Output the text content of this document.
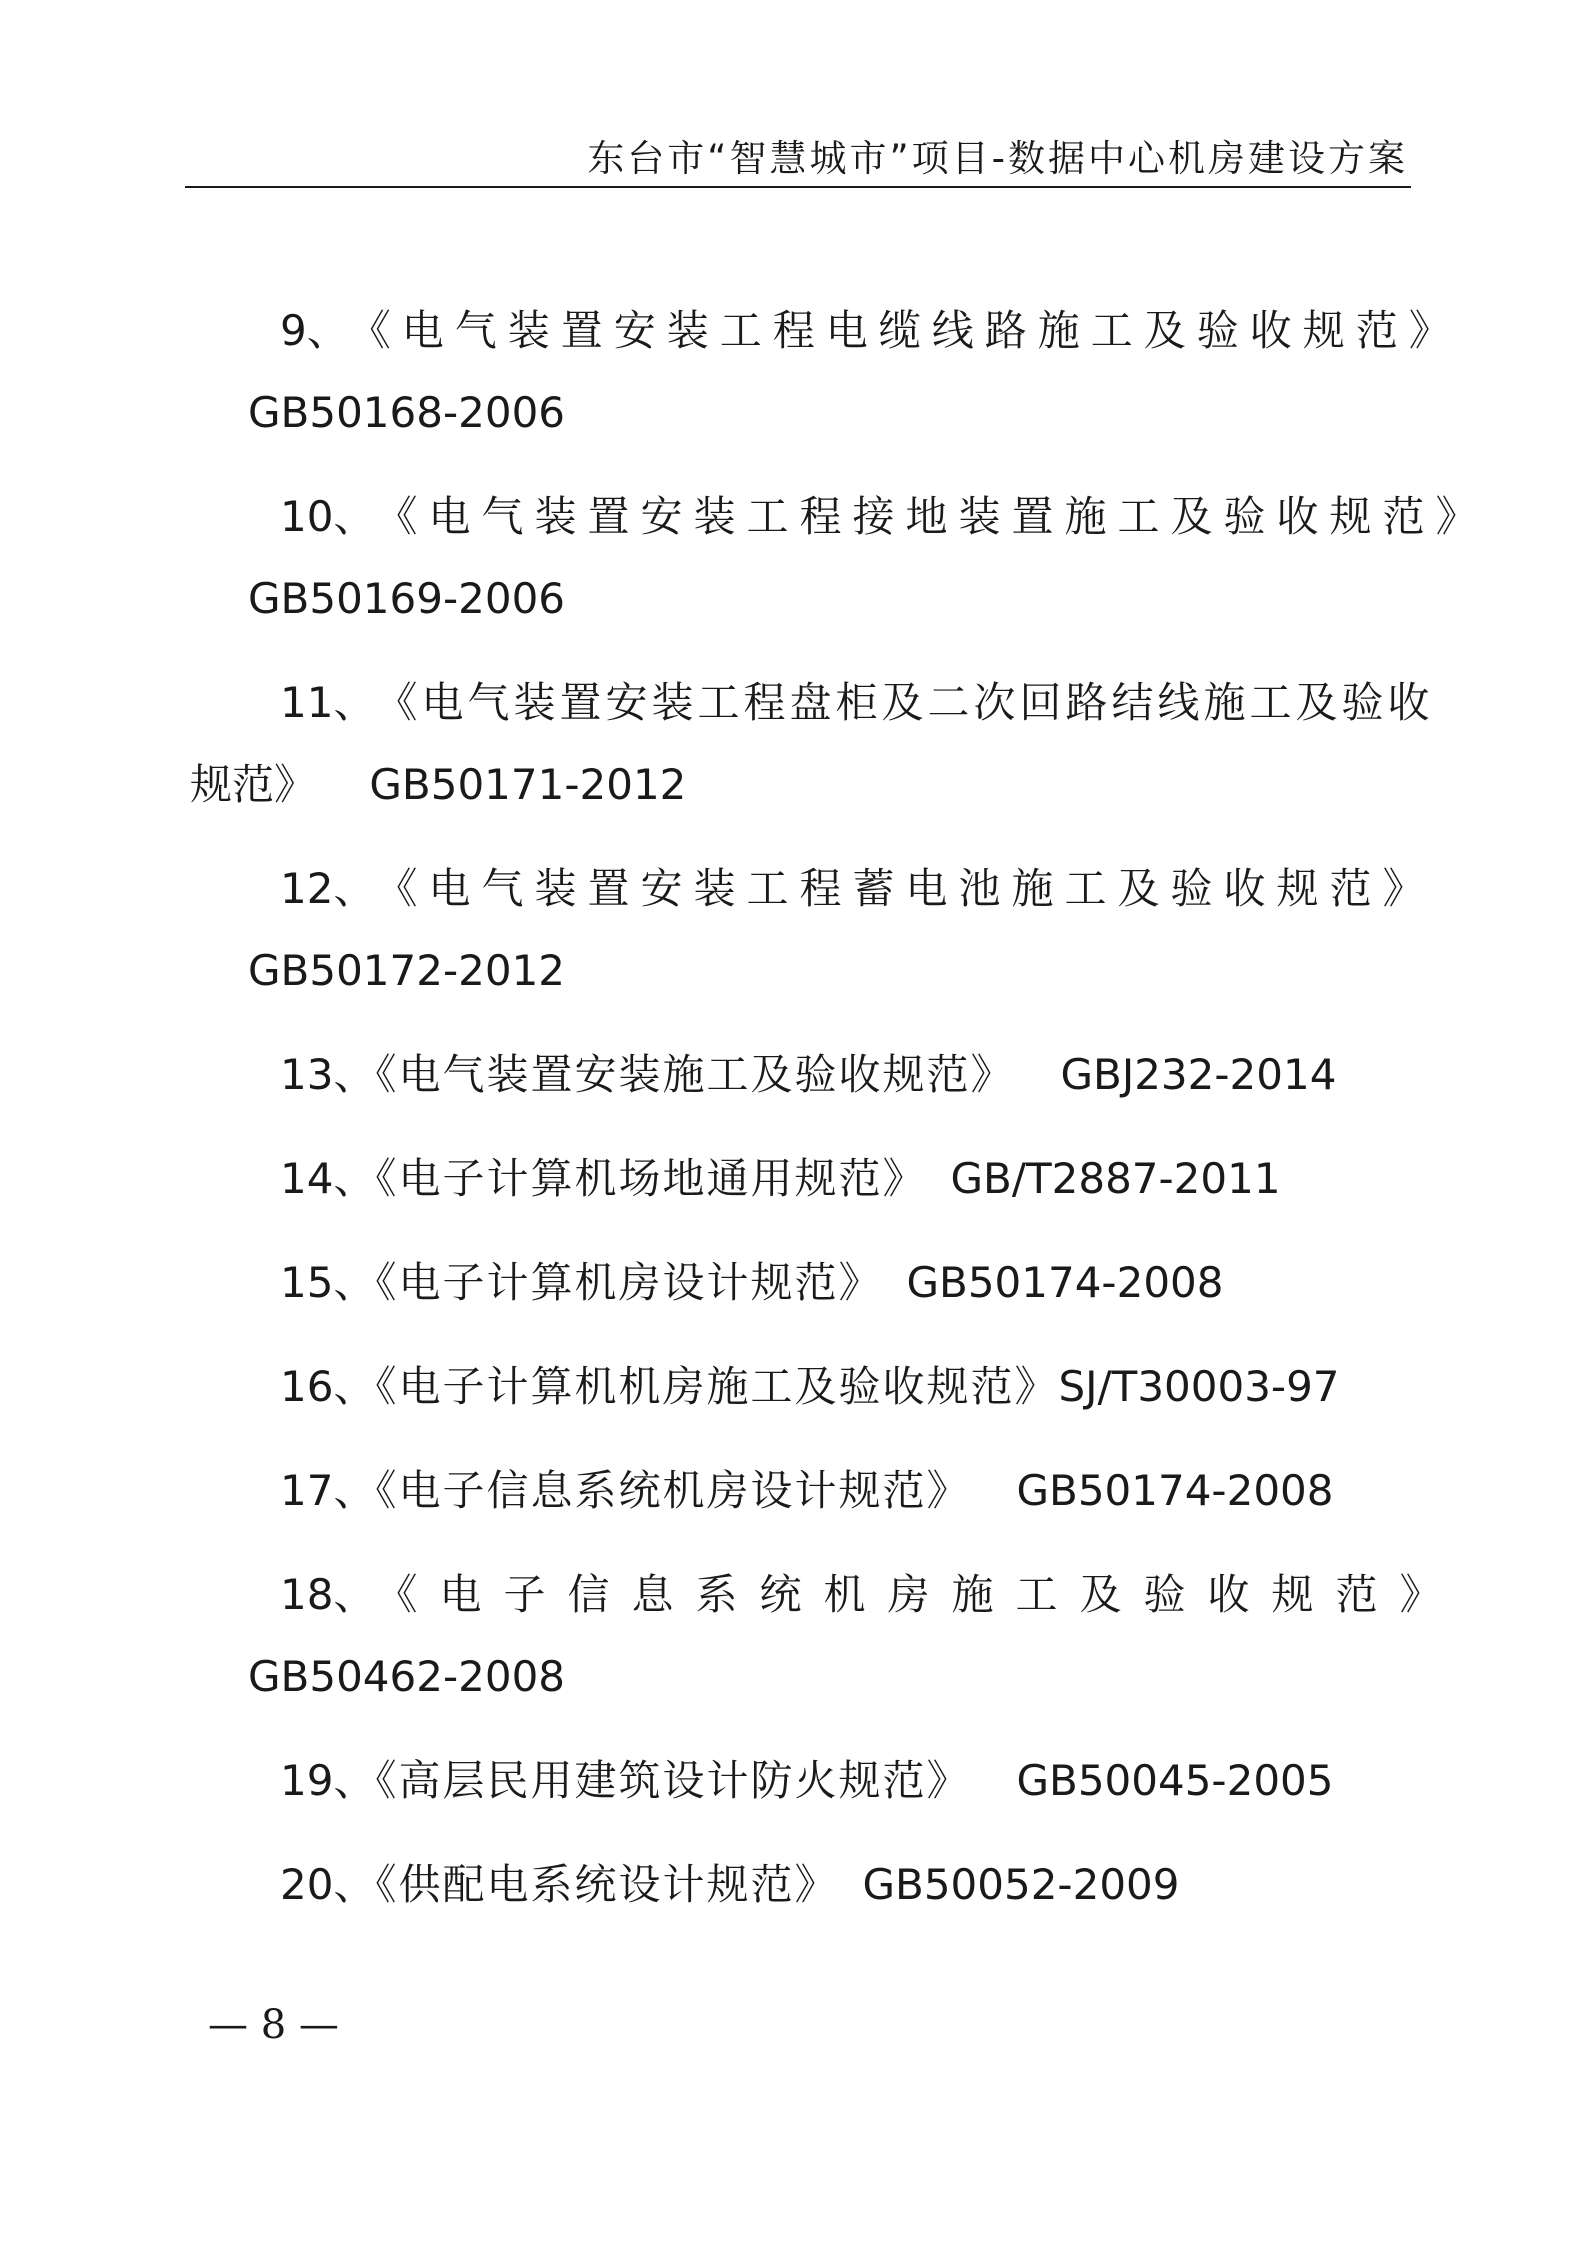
东台市“智慧城市”项目-数据中心机房建设方案
9、 《电气装置安装工程电缆线路施工及验收规范》
GB50168-2006
10、 《电气装置安装工程接地装置施工及验收规范》
GB50169-2006
11、 《电气装置安装工程盘柜及二次回路结线施工及验收
规范》 GB50171-2012
12、 《电气装置安装工程蓄电池施工及验收规范》
GB50172-2012
13、《电气装置安装施工及验收规范》 GBJ232-2014
14、《电子计算机场地通用规范》 GB/T2887-2011
15、《电子计算机房设计规范》 GB50174-2008
16、《电子计算机机房施工及验收规范》SJ/T30003-97
17、《电子信息系统机房设计规范》 GB50174-2008
18、 《电子信息系统机房施工及验收规范》
GB50462-2008
19、《高层民用建筑设计防火规范》 GB50045-2005
20、《供配电系统设计规范》 GB50052-2009
— 8 —
